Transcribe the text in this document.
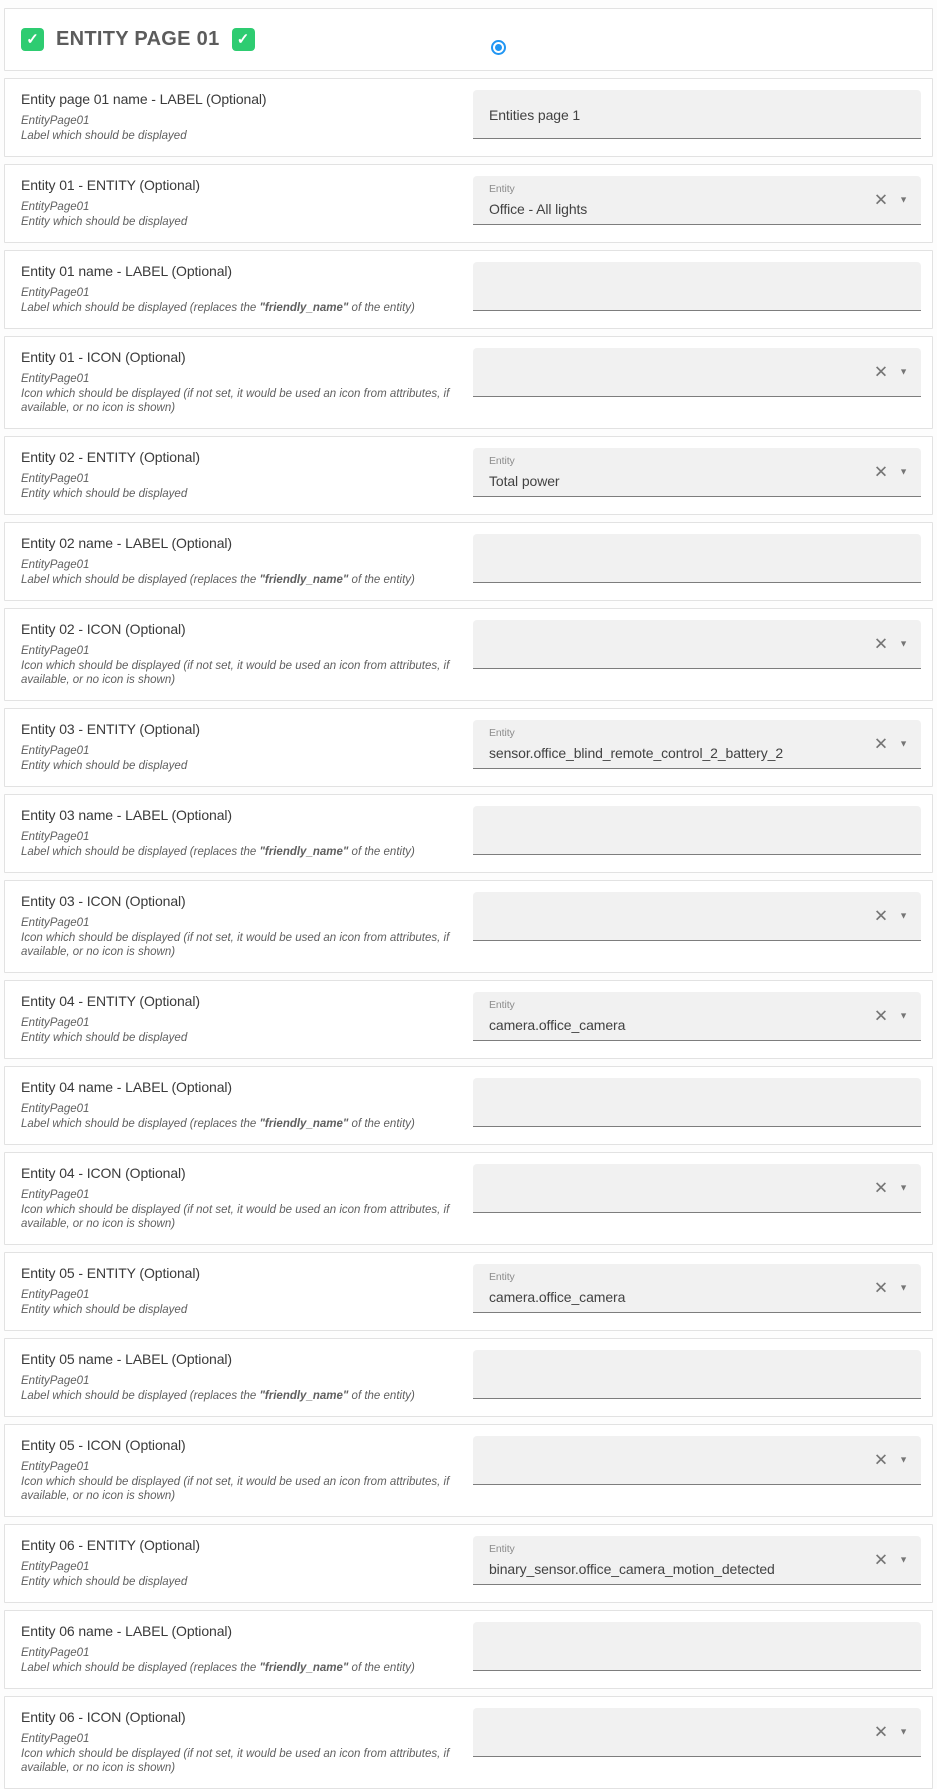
✓ ENTITY PAGE 01 ✓
Entity page 01 name - LABEL (Optional)
EntityPage01
Label which should be displayed
Entities page 1
Entity 01 - ENTITY (Optional)
EntityPage01
Entity which should be displayed
Entity
Office - All lights	✕ ▼
Entity 01 name - LABEL (Optional)
EntityPage01
Label which should be displayed (replaces the "friendly_name" of the entity)
Entity 01 - ICON (Optional)
EntityPage01
Icon which should be displayed (if not set, it would be used an icon from attributes, if available, or no icon is shown)
✕ ▼
Entity 02 - ENTITY (Optional)
EntityPage01
Entity which should be displayed
Entity
Total power	✕ ▼
Entity 02 name - LABEL (Optional)
EntityPage01
Label which should be displayed (replaces the "friendly_name" of the entity)
Entity 02 - ICON (Optional)
EntityPage01
Icon which should be displayed (if not set, it would be used an icon from attributes, if available, or no icon is shown)
✕ ▼
Entity 03 - ENTITY (Optional)
EntityPage01
Entity which should be displayed
Entity
sensor.office_blind_remote_control_2_battery_2	✕ ▼
Entity 03 name - LABEL (Optional)
EntityPage01
Label which should be displayed (replaces the "friendly_name" of the entity)
Entity 03 - ICON (Optional)
EntityPage01
Icon which should be displayed (if not set, it would be used an icon from attributes, if available, or no icon is shown)
✕ ▼
Entity 04 - ENTITY (Optional)
EntityPage01
Entity which should be displayed
Entity
camera.office_camera	✕ ▼
Entity 04 name - LABEL (Optional)
EntityPage01
Label which should be displayed (replaces the "friendly_name" of the entity)
Entity 04 - ICON (Optional)
EntityPage01
Icon which should be displayed (if not set, it would be used an icon from attributes, if available, or no icon is shown)
✕ ▼
Entity 05 - ENTITY (Optional)
EntityPage01
Entity which should be displayed
Entity
camera.office_camera	✕ ▼
Entity 05 name - LABEL (Optional)
EntityPage01
Label which should be displayed (replaces the "friendly_name" of the entity)
Entity 05 - ICON (Optional)
EntityPage01
Icon which should be displayed (if not set, it would be used an icon from attributes, if available, or no icon is shown)
✕ ▼
Entity 06 - ENTITY (Optional)
EntityPage01
Entity which should be displayed
Entity
binary_sensor.office_camera_motion_detected	✕ ▼
Entity 06 name - LABEL (Optional)
EntityPage01
Label which should be displayed (replaces the "friendly_name" of the entity)
Entity 06 - ICON (Optional)
EntityPage01
Icon which should be displayed (if not set, it would be used an icon from attributes, if available, or no icon is shown)
✕ ▼
